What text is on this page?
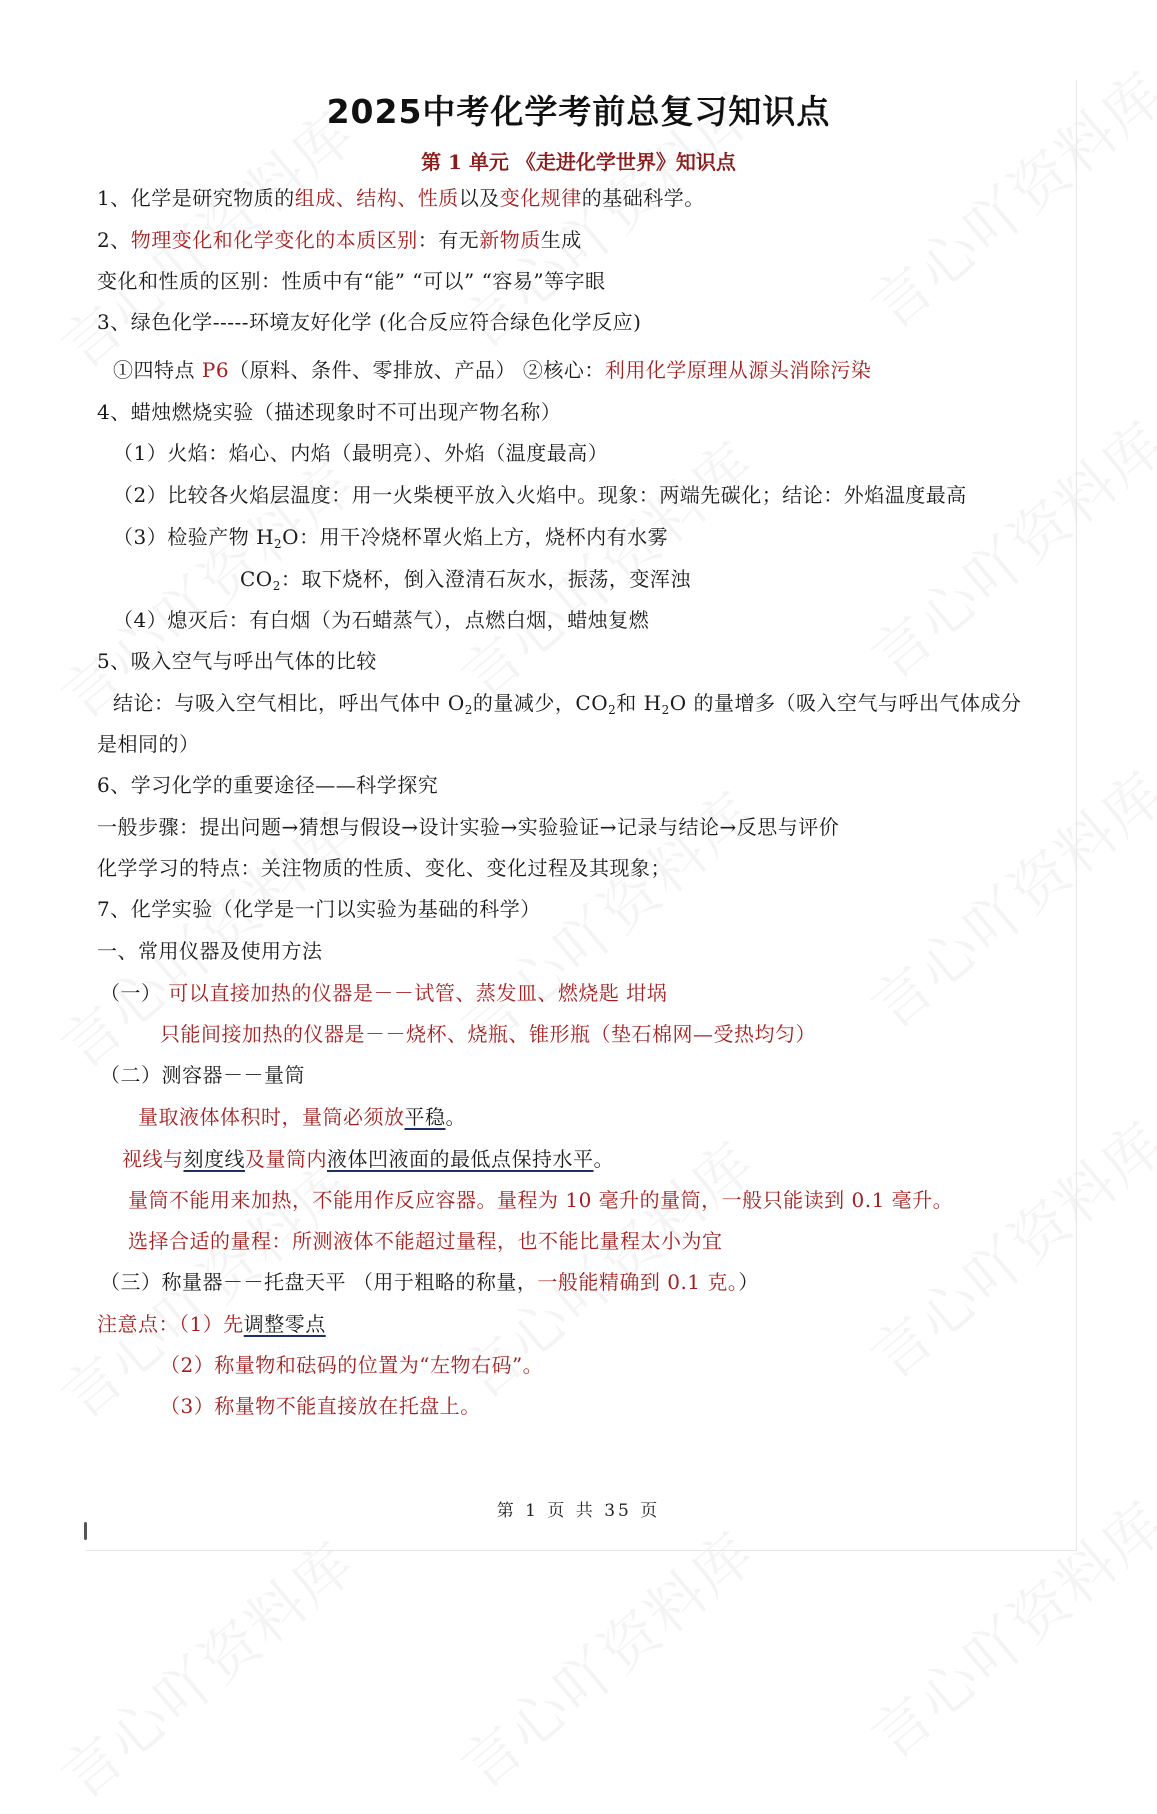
2025中考化学考前总复习知识点
第 1 单元 《走进化学世界》知识点
1、化学是研究物质的组成、结构、性质以及变化规律的基础科学。
2、物理变化和化学变化的本质区别：有无新物质生成
变化和性质的区别：性质中有“能” “可以” “容易”等字眼
3、绿色化学-----环境友好化学 (化合反应符合绿色化学反应)
①四特点 P6（原料、条件、零排放、产品） ②核心：利用化学原理从源头消除污染
4、蜡烛燃烧实验（描述现象时不可出现产物名称）
（1）火焰：焰心、内焰（最明亮）、外焰（温度最高）
（2）比较各火焰层温度：用一火柴梗平放入火焰中。现象：两端先碳化；结论：外焰温度最高
（3）检验产物 $H_2O$：用干冷烧杯罩火焰上方，烧杯内有水雾
$CO_2$：取下烧杯，倒入澄清石灰水，振荡，变浑浊
（4）熄灭后：有白烟（为石蜡蒸气），点燃白烟，蜡烛复燃
5、吸入空气与呼出气体的比较
结论：与吸入空气相比，呼出气体中 $O_2$的量减少，$CO_2$和 $H_2O$ 的量增多（吸入空气与呼出气体成分
是相同的）
6、学习化学的重要途径——科学探究
一般步骤：提出问题→猜想与假设→设计实验→实验验证→记录与结论→反思与评价
化学学习的特点：关注物质的性质、变化、变化过程及其现象；
7、化学实验（化学是一门以实验为基础的科学）
一、常用仪器及使用方法
（一） 可以直接加热的仪器是－－试管、蒸发皿、燃烧匙 坩埚
只能间接加热的仪器是－－烧杯、烧瓶、锥形瓶（垫石棉网—受热均匀）
（二）测容器－－量筒
量取液体体积时，量筒必须放平稳。
视线与刻度线及量筒内液体凹液面的最低点保持水平。
量筒不能用来加热，不能用作反应容器。量程为 10 毫升的量筒，一般只能读到 0.1 毫升。
选择合适的量程：所测液体不能超过量程，也不能比量程太小为宜
（三）称量器－－托盘天平 （用于粗略的称量，一般能精确到 0.1 克。）
注意点：（1）先调整零点
（2）称量物和砝码的位置为“左物右码”。
（3）称量物不能直接放在托盘上。
第 1 页 共 35 页
